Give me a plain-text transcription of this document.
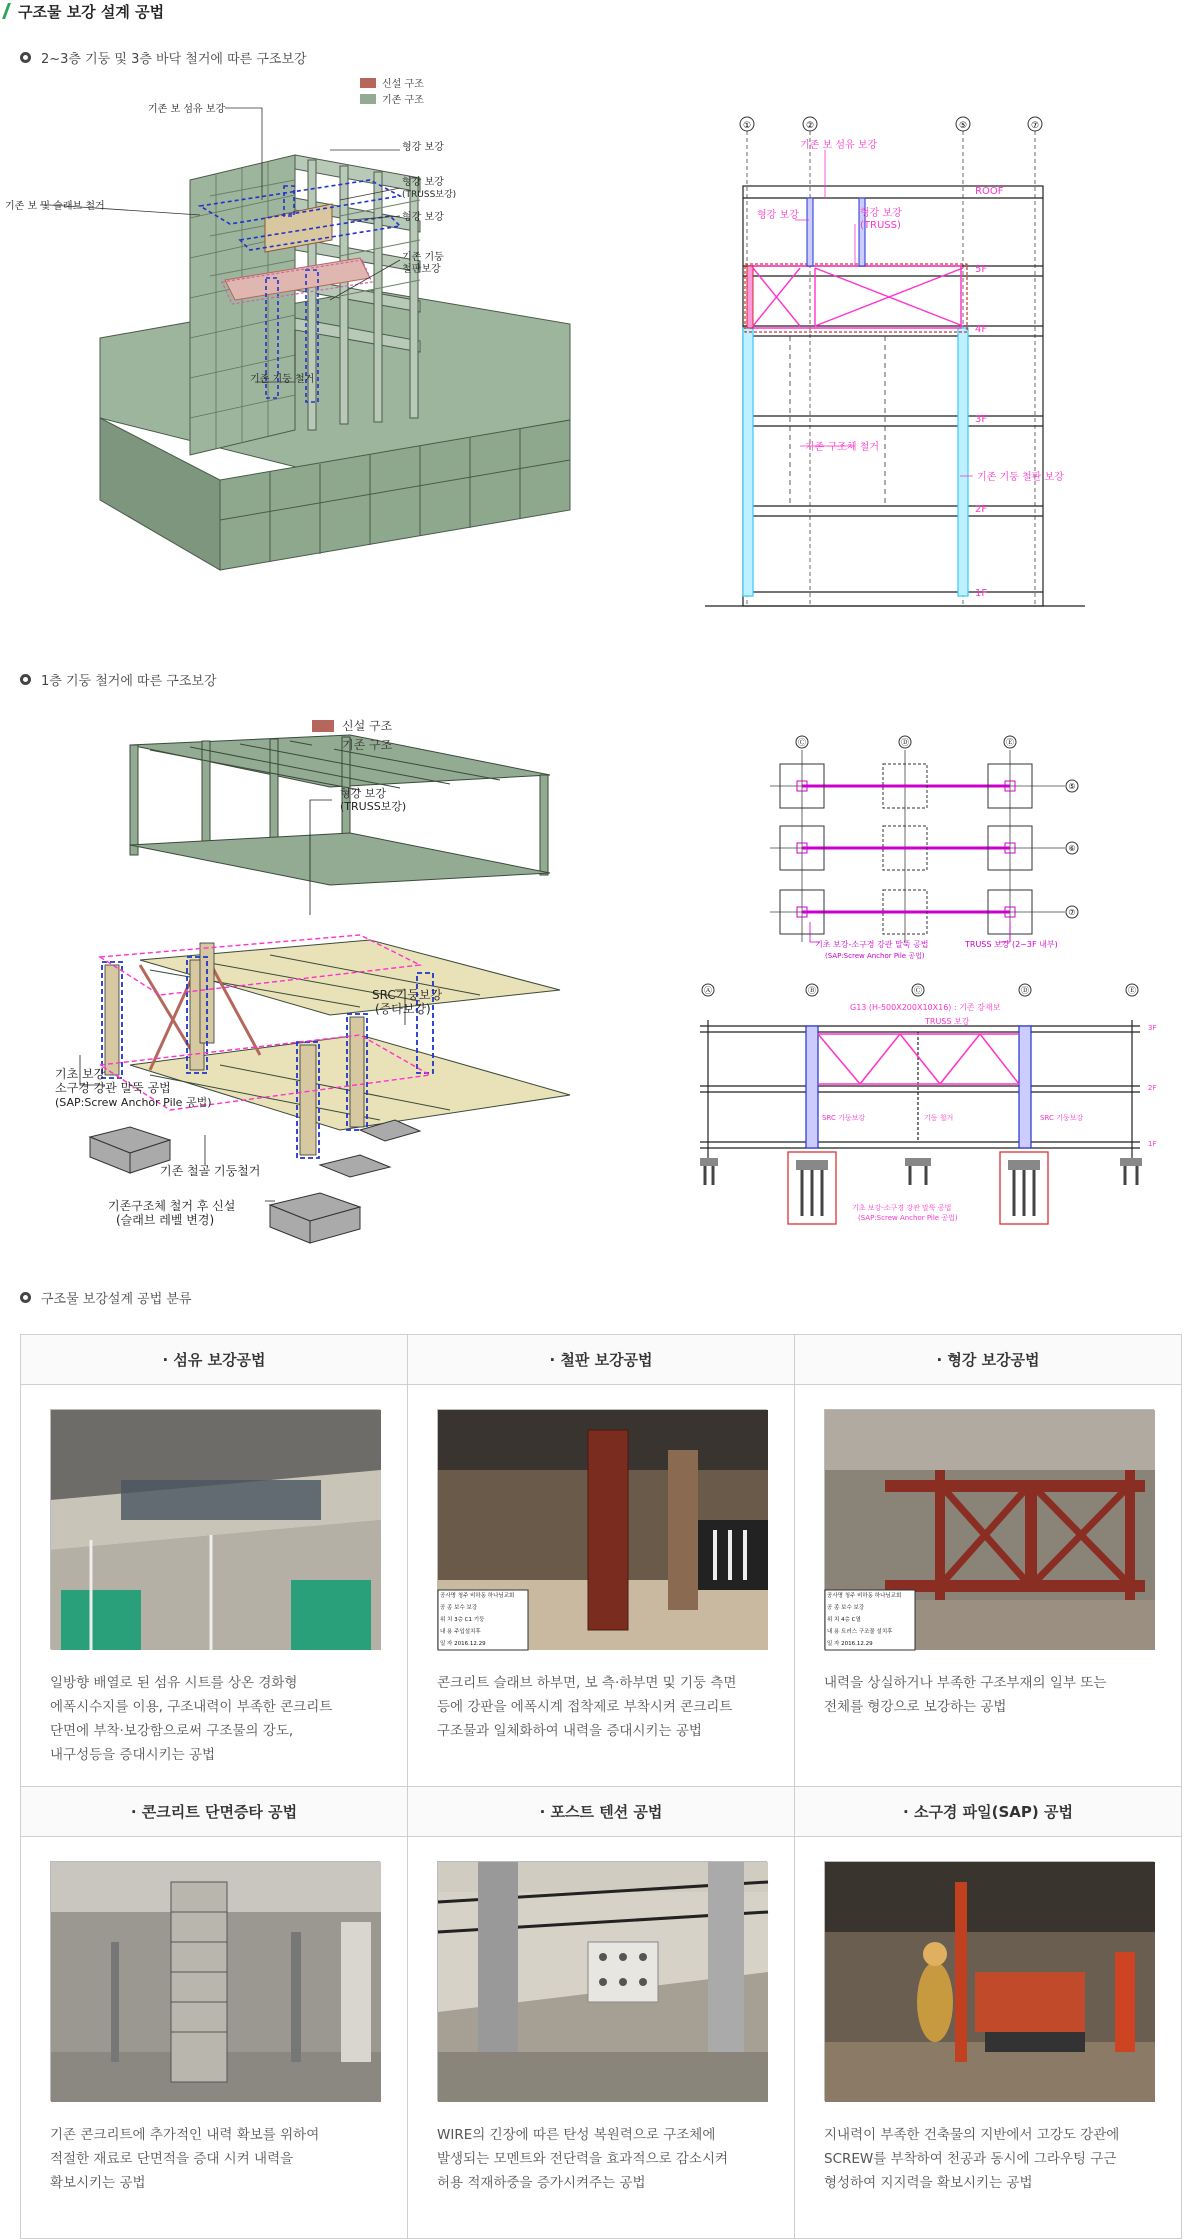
구조물 보강 설계 공법
2~3층 기둥 및 3층 바닥 철거에 따른 구조보강
신설 구조
기존 구조
기존 보 섬유 보강
기존 보 및 슬래브 철거
형강 보강
형강 보강
(TRUSS보강)
형강 보강
기존 기둥
철판보강
기존 기둥 철거
①	②	⑤	⑦
ROOF
5F
4F
3F
2F
1F
기존 보 섬유 보강
형강 보강	형강 보강
(TRUSS)
기존 구조체 철거
기존 기둥 철판 보강
1층 기둥 철거에 따른 구조보강
신설 구조
기존 구조
형강 보강
(TRUSS보강)
SRC기둥보강
(증타보강)
기초 보강
소구경 강관 말뚝 공법
(SAP:Screw Anchor Pile 공법)
기존 철골 기둥철거
기존구조체 철거 후 신설
(슬래브 레벨 변경)
Ⓒ	Ⓓ	Ⓔ
⑤
⑥
⑦
기초 보강-소구경 강관 말뚝 공법
(SAP:Screw Anchor Pile 공법)
TRUSS 보강 (2~3F 내부)
Ⓐ	Ⓑ	Ⓒ	Ⓓ	Ⓔ
G13 (H-500X200X10X16) : 기존 강재보
TRUSS 보강
SRC 기둥보강	기둥 철거	SRC 기둥보강
3F
2F
1F
기초 보강-소구경 강관 말뚝 공법
(SAP:Screw Anchor Pile 공법)
구조물 보강설계 공법 분류
· 섬유 보강공법	· 철판 보강공법	· 형강 보강공법
일방향 배열로 된 섬유 시트를 상온 경화형
에폭시수지를 이용, 구조내력이 부족한 콘크리트
단면에 부착·보강함으로써 구조물의 강도,
내구성등을 증대시키는 공법
공사명 청주 비하동 하나님교회
공 종 보수 보강
위 치 3층 C1 기둥
내 용 주입설치후
일 자 2016.12.29
콘크리트 슬래브 하부면, 보 측·하부면 및 기둥 측면
등에 강판을 에폭시계 접착제로 부착시켜 콘크리트
구조물과 일체화하여 내력을 증대시키는 공법
공사명 청주 비하동 하나님교회
공 종 보수 보강
위 치 4층 C열
내 용 트러스 구조물 설치후
일 자 2016.12.29
내력을 상실하거나 부족한 구조부재의 일부 또는
전체를 형강으로 보강하는 공법
· 콘크리트 단면증타 공법	· 포스트 텐션 공법	· 소구경 파일(SAP) 공법
기존 콘크리트에 추가적인 내력 확보를 위하여
적절한 재료로 단면적을 증대 시켜 내력을
확보시키는 공법
WIRE의 긴장에 따른 탄성 복원력으로 구조체에
발생되는 모멘트와 전단력을 효과적으로 감소시켜
허용 적재하중을 증가시켜주는 공법
지내력이 부족한 건축물의 지반에서 고강도 강관에
SCREW를 부착하여 천공과 동시에 그라우팅 구근
형성하여 지지력을 확보시키는 공법
